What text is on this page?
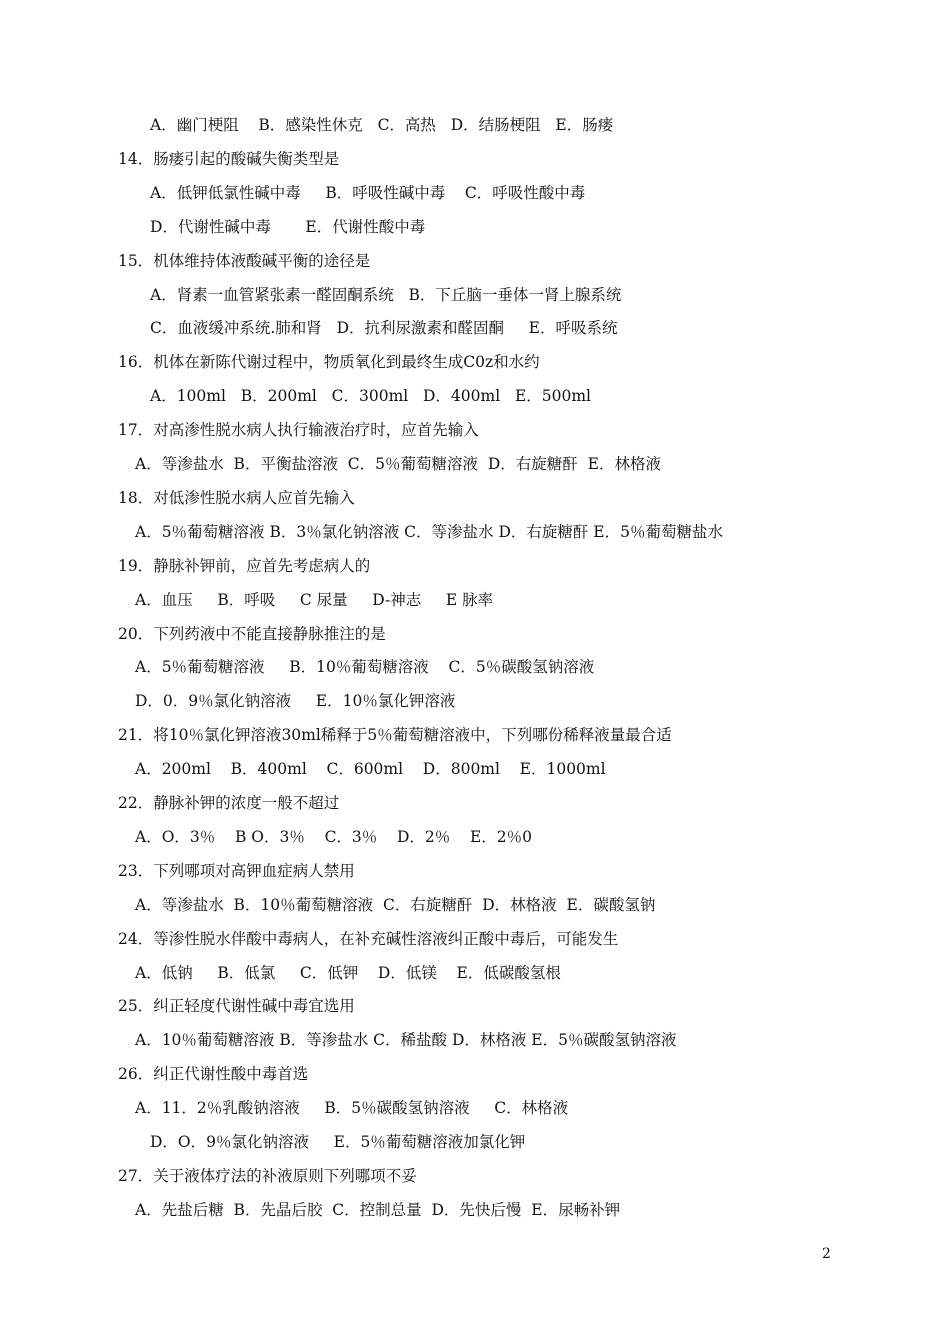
A．幽门梗阻    B．感染性休克   C．高热   D．结肠梗阻   E．肠瘘
14．肠瘘引起的酸碱失衡类型是
A．低钾低氯性碱中毒     B．呼吸性碱中毒    C．呼吸性酸中毒
D．代谢性碱中毒       E．代谢性酸中毒
15．机体维持体液酸碱平衡的途径是
A．肾素一血管紧张素一醛固酮系统   B．下丘脑一垂体一肾上腺系统
C．血液缓冲系统.肺和肾   D．抗利尿激素和醛固酮     E．呼吸系统
16．机体在新陈代谢过程中，物质氧化到最终生成C0z和水约
A．100ml   B．200ml   C．300ml   D．400ml   E．500ml
17．对高渗性脱水病人执行输液治疗时，应首先输入
A．等渗盐水  B．平衡盐溶液  C．5％葡萄糖溶液  D．右旋糖酐  E．林格液
18．对低渗性脱水病人应首先输入
A．5％葡萄糖溶液 B．3％氯化钠溶液 C．等渗盐水 D．右旋糖酐 E．5％葡萄糖盐水
19．静脉补钾前，应首先考虑病人的
A．血压     B．呼吸     C 尿量     D-神志     E 脉率
20．下列药液中不能直接静脉推注的是
A．5％葡萄糖溶液     B．10％葡萄糖溶液    C．5％碳酸氢钠溶液
D．0．9％氯化钠溶液     E．10％氯化钾溶液
21．将10％氯化钾溶液30ml稀释于5％葡萄糖溶液中，下列哪份稀释液量最合适
A．200ml    B．400ml    C．600ml    D．800ml    E．1000ml
22．静脉补钾的浓度一般不超过
A．O．3％    B O．3％    C．3％    D．2％    E．2％0
23．下列哪项对高钾血症病人禁用
A．等渗盐水  B．10％葡萄糖溶液  C．右旋糖酐  D．林格液  E．碳酸氢钠
24．等渗性脱水伴酸中毒病人，在补充碱性溶液纠正酸中毒后，可能发生
A．低钠     B．低氯     C．低钾    D．低镁    E．低碳酸氢根
25．纠正轻度代谢性碱中毒宜选用
A．10％葡萄糖溶液 B．等渗盐水 C．稀盐酸 D．林格液 E．5％碳酸氢钠溶液
26．纠正代谢性酸中毒首选
A．11．2％乳酸钠溶液     B．5％碳酸氢钠溶液     C．林格液
D．O．9％氯化钠溶液     E．5％葡萄糖溶液加氯化钾
27．关于液体疗法的补液原则下列哪项不妥
A．先盐后糖  B．先晶后胶  C．控制总量  D．先快后慢  E．尿畅补钾
2
